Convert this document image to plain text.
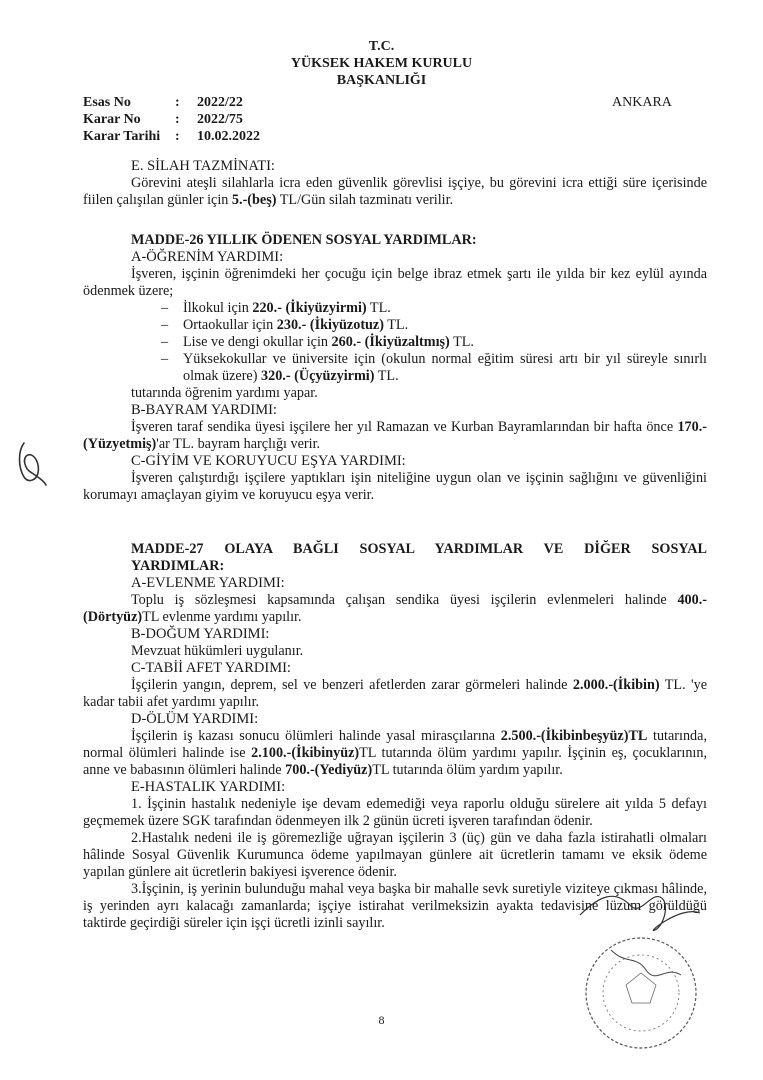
T.C.
YÜKSEK HAKEM KURULU
BAŞKANLIĞI
Esas No	: 2022/22
Karar No : 2022/75
Karar Tarihi : 10.02.2022
ANKARA
E. SİLAH TAZMİNATI:
Görevini ateşli silahlarla icra eden güvenlik görevlisi işçiye, bu görevini icra ettiği süre içerisinde fiilen çalışılan günler için 5.-(beş) TL/Gün silah tazminatı verilir.
MADDE-26 YILLIK ÖDENEN SOSYAL YARDIMLAR:
A-ÖĞRENİM YARDIMI:
İşveren, işçinin öğrenimdeki her çocuğu için belge ibraz etmek şartı ile yılda bir kez eylül ayında ödenmek üzere;
– İlkokul için 220.- (İkiyüzyirmi) TL.
– Ortaokullar için 230.- (İkiyüzotuz) TL.
– Lise ve dengi okullar için 260.- (İkiyüzaltmış) TL.
– Yüksekokullar ve üniversite için (okulun normal eğitim süresi artı bir yıl süreyle sınırlı olmak üzere) 320.- (Üçyüzyirmi) TL.
tutarında öğrenim yardımı yapar.
B-BAYRAM YARDIMI:
İşveren taraf sendika üyesi işçilere her yıl Ramazan ve Kurban Bayramlarından bir hafta önce 170.-(Yüzyetmiş)'ar TL. bayram harçlığı verir.
C-GİYİM VE KORUYUCU EŞYA YARDIMI:
İşveren çalıştırdığı işçilere yaptıkları işin niteliğine uygun olan ve işçinin sağlığını ve güvenliğini korumayı amaçlayan giyim ve koruyucu eşya verir.
MADDE-27 OLAYA BAĞLI SOSYAL YARDIMLAR VE DİĞER SOSYAL
YARDIMLAR:
A-EVLENME YARDIMI:
Toplu iş sözleşmesi kapsamında çalışan sendika üyesi işçilerin evlenmeleri halinde 400.-(Dörtyüz)TL evlenme yardımı yapılır.
B-DOĞUM YARDIMI:
Mevzuat hükümleri uygulanır.
C-TABİİ AFET YARDIMI:
İşçilerin yangın, deprem, sel ve benzeri afetlerden zarar görmeleri halinde 2.000.-(İkibin) TL. 'ye kadar tabii afet yardımı yapılır.
D-ÖLÜM YARDIMI:
İşçilerin iş kazası sonucu ölümleri halinde yasal mirasçılarına 2.500.-(İkibinbeşyüz)TL tutarında, normal ölümleri halinde ise 2.100.-(İkibinyüz)TL tutarında ölüm yardımı yapılır. İşçinin eş, çocuklarının, anne ve babasının ölümleri halinde 700.-(Yediyüz)TL tutarında ölüm yardım yapılır.
E-HASTALIK YARDIMI:
1. İşçinin hastalık nedeniyle işe devam edemediği veya raporlu olduğu sürelere ait yılda 5 defayı geçmemek üzere SGK tarafından ödenmeyen ilk 2 günün ücreti işveren tarafından ödenir.
2.Hastalık nedeni ile iş göremezliğe uğrayan işçilerin 3 (üç) gün ve daha fazla istirahatli olmaları hâlinde Sosyal Güvenlik Kurumunca ödeme yapılmayan günlere ait ücretlerin tamamı ve eksik ödeme yapılan günlere ait ücretlerin bakiyesi işverence ödenir.
3.İşçinin, iş yerinin bulunduğu mahal veya başka bir mahalle sevk suretiyle viziteye çıkması hâlinde, iş yerinden ayrı kalacağı zamanlarda; işçiye istirahat verilmeksizin ayakta tedavisine lüzum görüldüğü taktirde geçirdiği süreler için işçi ücretli izinli sayılır.
8
